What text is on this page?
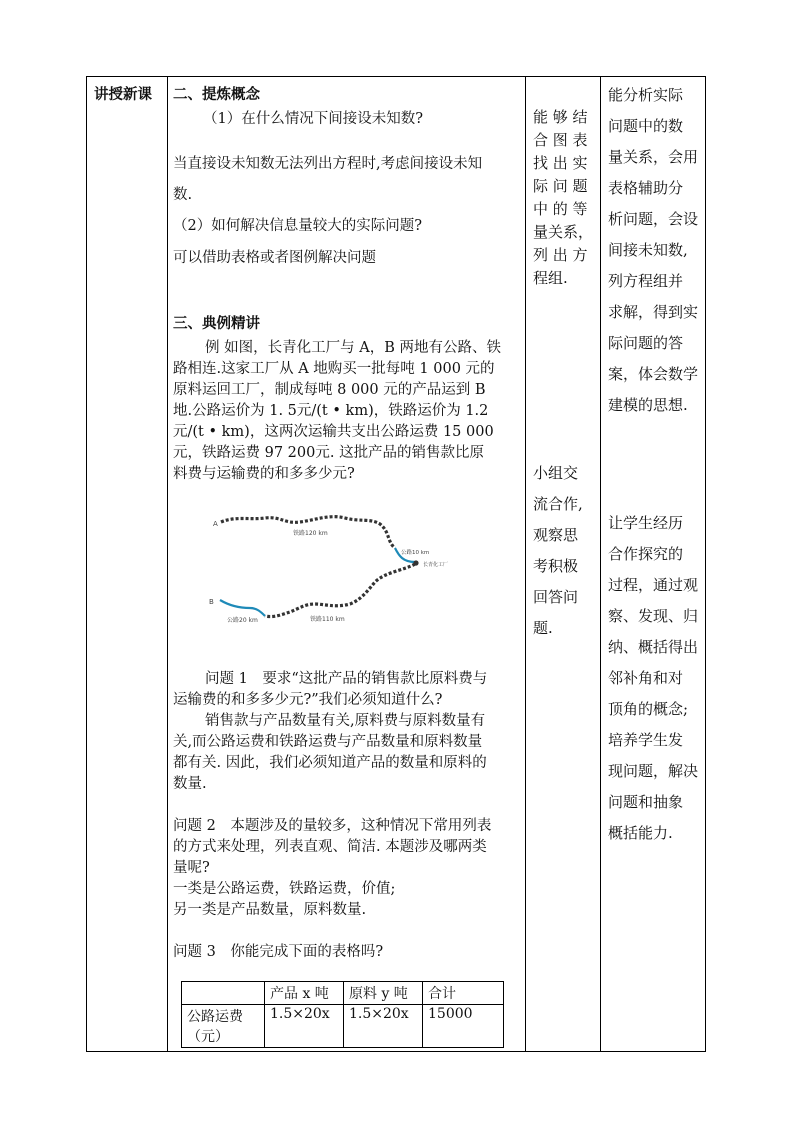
讲授新课 二、提炼概念
（1）在什么情况下间接设未知数?
当直接设未知数无法列出方程时,考虑间接设未知
数.
（2）如何解决信息量较大的实际问题?
可以借助表格或者图例解决问题
三、典例精讲
例 如图，长青化工厂与 A，B 两地有公路、铁
路相连.这家工厂从 A 地购买一批每吨 1 000 元的
原料运回工厂，制成每吨 8 000 元的产品运到 B
地.公路运价为 1. 5元/(t • km)，铁路运价为 1.2
元/(t • km)，这两次运输共支出公路运费 15 000
元，铁路运费 97 200元. 这批产品的销售款比原
料费与运输费的和多多少元?
A
B
铁路120 km
公路10 km
长青化工厂
公路20 km	铁路110 km
问题 1　要求“这批产品的销售款比原料费与
运输费的和多多少元?”我们必须知道什么?
销售款与产品数量有关,原料费与原料数量有
关,而公路运费和铁路运费与产品数量和原料数量
都有关. 因此，我们必须知道产品的数量和原料的
数量.
问题 2　本题涉及的量较多，这种情况下常用列表
的方式来处理，列表直观、简洁. 本题涉及哪两类
量呢?
一类是公路运费，铁路运费，价值;
另一类是产品数量，原料数量.
问题 3　你能完成下面的表格吗?
	产品 x 吨	原料 y 吨	合计

公路运费
（元）	1.5×20x	1.5×20x	15000
能 够 结
合 图 表
找 出 实
际 问 题
中 的 等
量关系，
列 出 方
程组.
小组交
流合作,
观察思
考积极
回答问
题.
能分析实际
问题中的数
量关系，会用
表格辅助分
析问题，会设
间接未知数,
列方程组并
求解，得到实
际问题的答
案，体会数学
建模的思想.
让学生经历
合作探究的
过程，通过观
察、发现、归
纳、概括得出
邻补角和对
顶角的概念;
培养学生发
现问题，解决
问题和抽象
概括能力.
